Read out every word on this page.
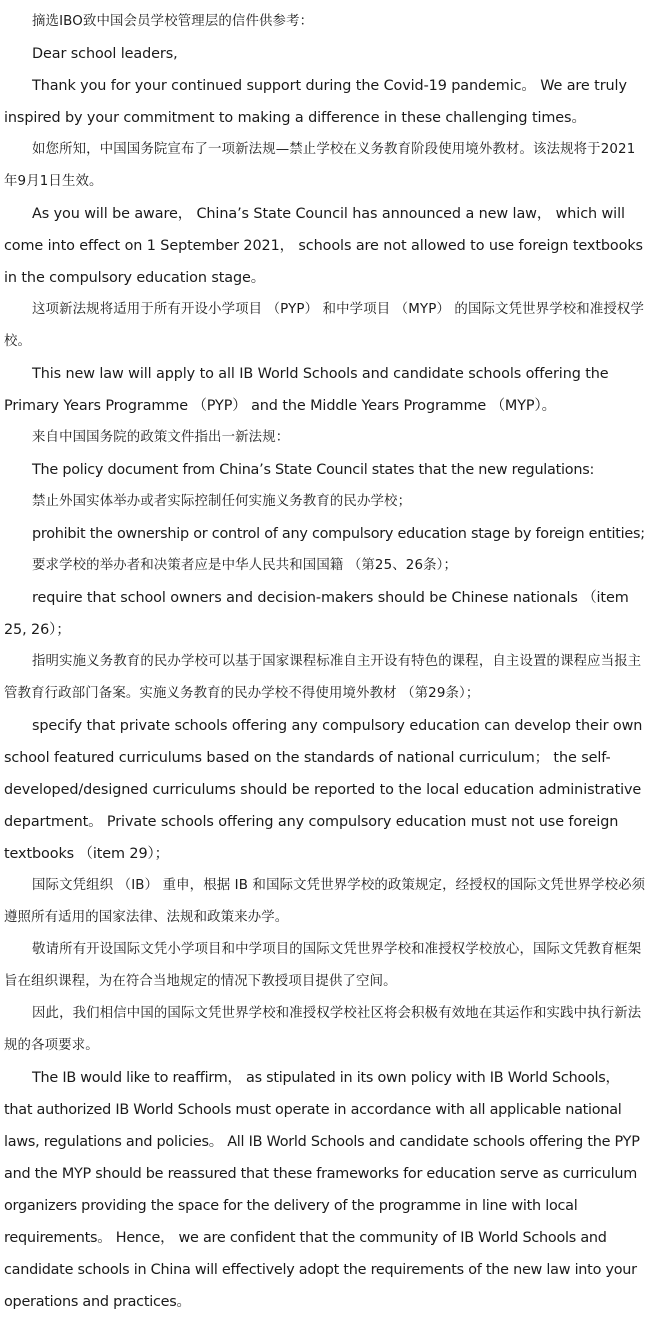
摘选IBO致中国会员学校管理层的信件供参考：

Dear school leaders,

Thank you for your continued support during the Covid-19 pandemic。 We are truly inspired by your commitment to making a difference in these challenging times。

如您所知，中国国务院宣布了一项新法规—禁止学校在义务教育阶段使用境外教材。该法规将于2021年9月1日生效。

As you will be aware， China’s State Council has announced a new law， which will come into effect on 1 September 2021， schools are not allowed to use foreign textbooks in the compulsory education stage。

这项新法规将适用于所有开设小学项目 （PYP） 和中学项目 （MYP） 的国际文凭世界学校和准授权学校。

This new law will apply to all IB World Schools and candidate schools offering the Primary Years Programme （PYP） and the Middle Years Programme （MYP）。

来自中国国务院的政策文件指出一新法规：

The policy document from China’s State Council states that the new regulations:

禁止外国实体举办或者实际控制任何实施义务教育的民办学校；

prohibit the ownership or control of any compulsory education stage by foreign entities;

要求学校的举办者和决策者应是中华人民共和国国籍 （第25、26条）；

require that school owners and decision-makers should be Chinese nationals （item 25, 26）；

指明实施义务教育的民办学校可以基于国家课程标准自主开设有特色的课程，自主设置的课程应当报主管教育行政部门备案。实施义务教育的民办学校不得使用境外教材 （第29条）；

specify that private schools offering any compulsory education can develop their own school featured curriculums based on the standards of national curriculum； the self-developed/designed curriculums should be reported to the local education administrative department。 Private schools offering any compulsory education must not use foreign textbooks （item 29）；

国际文凭组织 （IB） 重申，根据 IB 和国际文凭世界学校的政策规定，经授权的国际文凭世界学校必须遵照所有适用的国家法律、法规和政策来办学。

敬请所有开设国际文凭小学项目和中学项目的国际文凭世界学校和准授权学校放心，国际文凭教育框架旨在组织课程，为在符合当地规定的情况下教授项目提供了空间。

因此，我们相信中国的国际文凭世界学校和准授权学校社区将会积极有效地在其运作和实践中执行新法规的各项要求。

The IB would like to reaffirm， as stipulated in its own policy with IB World Schools， that authorized IB World Schools must operate in accordance with all applicable national laws, regulations and policies。 All IB World Schools and candidate schools offering the PYP and the MYP should be reassured that these frameworks for education serve as curriculum organizers providing the space for the delivery of the programme in line with local requirements。 Hence， we are confident that the community of IB World Schools and candidate schools in China will effectively adopt the requirements of the new law into your operations and practices。
